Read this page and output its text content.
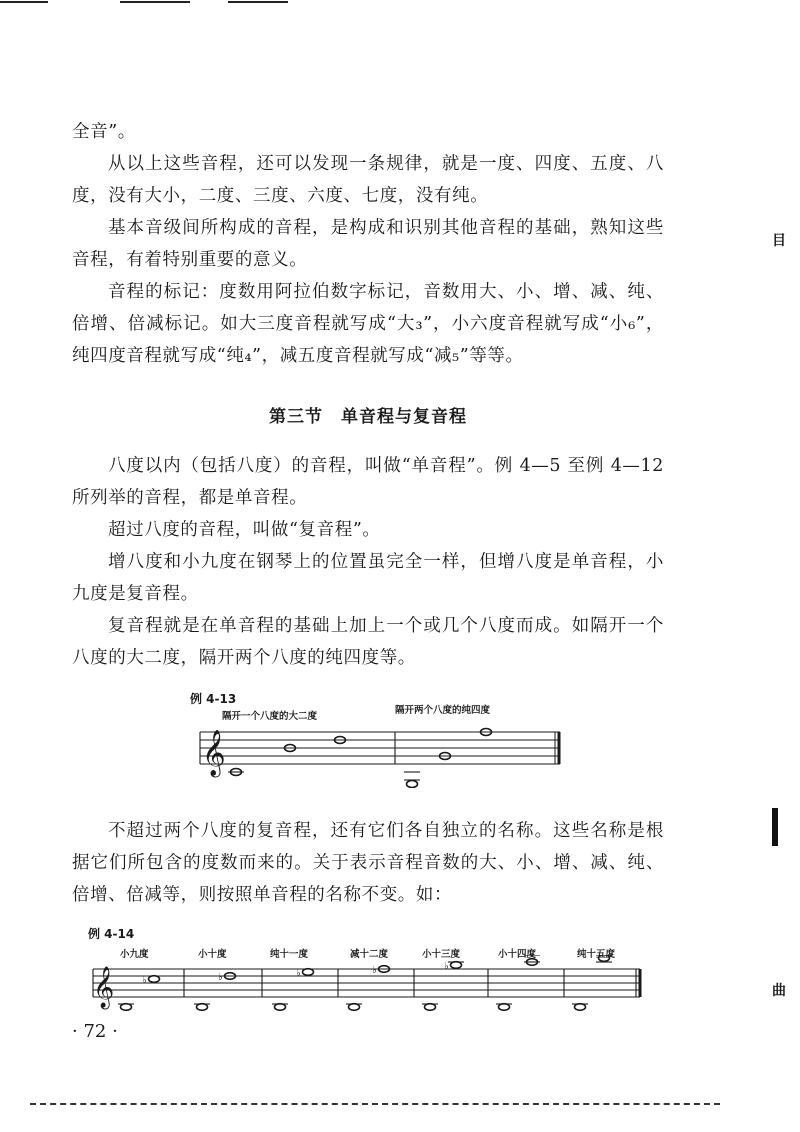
全音”。

从以上这些音程，还可以发现一条规律，就是一度、四度、五度、八度，没有大小，二度、三度、六度、七度，没有纯。

基本音级间所构成的音程，是构成和识别其他音程的基础，熟知这些音程，有着特别重要的意义。

音程的标记：度数用阿拉伯数字标记，音数用大、小、增、减、纯、倍增、倍减标记。如大三度音程就写成“大₃”，小六度音程就写成“小₆”，纯四度音程就写成“纯₄”，减五度音程就写成“减₅”等等。

第三节　单音程与复音程

八度以内（包括八度）的音程，叫做“单音程”。例 4—5 至例 4—12 所列举的音程，都是单音程。

超过八度的音程，叫做“复音程”。

增八度和小九度在钢琴上的位置虽完全一样，但增八度是单音程，小九度是复音程。

复音程就是在单音程的基础上加上一个或几个八度而成。如隔开一个八度的大二度，隔开两个八度的纯四度等。

例 4-13
隔开一个八度的大二度
隔开两个八度的纯四度
𝄞

不超过两个八度的复音程，还有它们各自独立的名称。这些名称是根据它们所包含的度数而来的。关于表示音程音数的大、小、增、减、纯、倍增、倍减等，则按照单音程的名称不变。如：

例 4-14
小九度	小十度	纯十一度	减十二度	小十三度	小十四度	纯十五度
𝄞	♭	♭	♭	♭	♭
· 72 ·
目
曲
